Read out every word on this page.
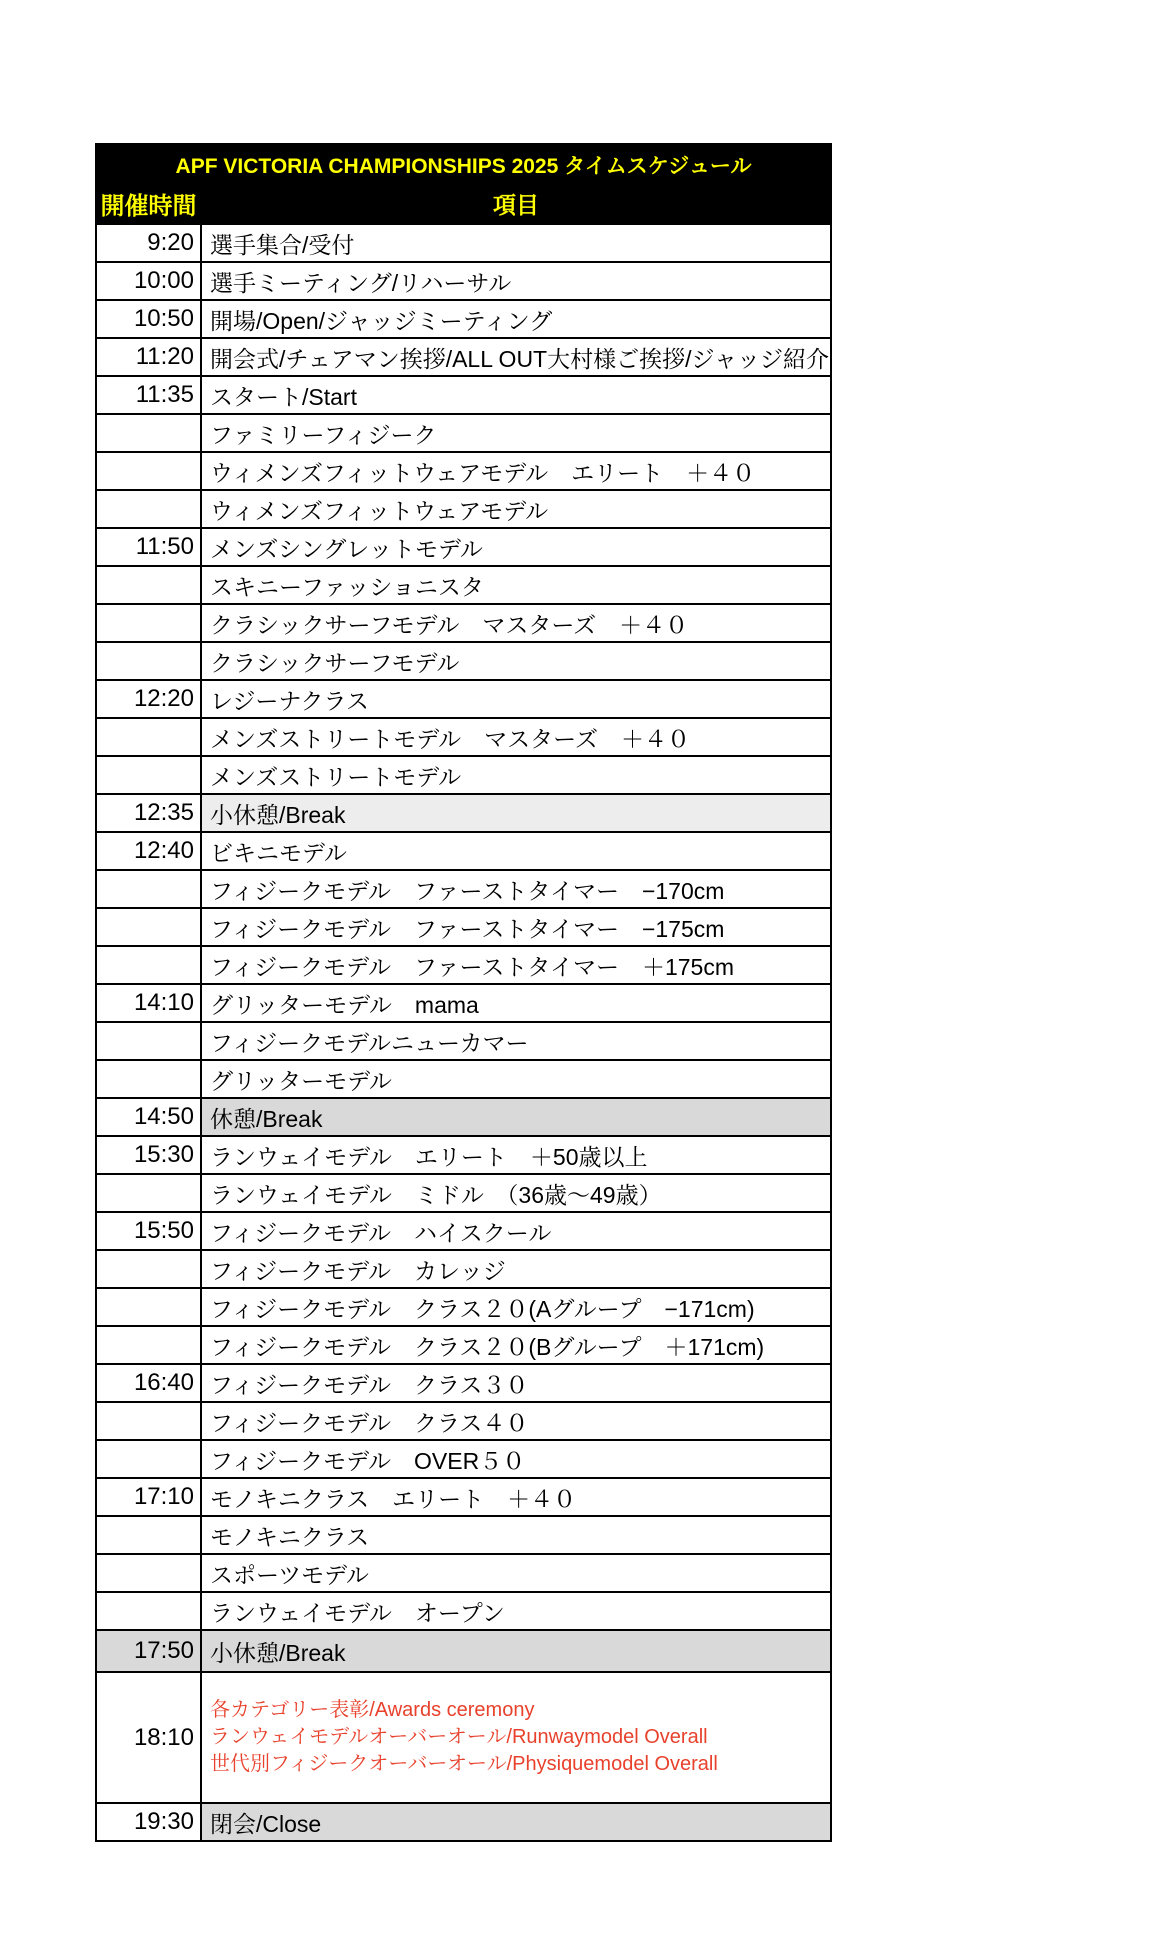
APF VICTORIA CHAMPIONSHIPS 2025 タイムスケジュール
開催時間	項目
9:20 選手集合/受付
10:00 選手ミーティング/リハーサル
10:50 開場/Open/ジャッジミーティング
11:20 開会式/チェアマン挨拶/ALL OUT大村様ご挨拶/ジャッジ紹介
11:35 スタート/Start
ファミリーフィジーク
ウィメンズフィットウェアモデル　エリート　＋４０
ウィメンズフィットウェアモデル
11:50 メンズシングレットモデル
スキニーファッショニスタ
クラシックサーフモデル　マスターズ　＋４０
クラシックサーフモデル
12:20 レジーナクラス
メンズストリートモデル　マスターズ　＋４０
メンズストリートモデル
12:35 小休憩/Break
12:40 ビキニモデル
フィジークモデル　ファーストタイマー　−170cm
フィジークモデル　ファーストタイマー　−175cm
フィジークモデル　ファーストタイマー　＋175cm
14:10 グリッターモデル　mama
フィジークモデルニューカマー
グリッターモデル
14:50 休憩/Break
15:30 ランウェイモデル　エリート　＋50歳以上
ランウェイモデル　ミドル　（36歳～49歳）
15:50 フィジークモデル　ハイスクール
フィジークモデル　カレッジ
フィジークモデル　クラス２０(Aグループ　−171cm)
フィジークモデル　クラス２０(Bグループ　＋171cm)
16:40 フィジークモデル　クラス３０
フィジークモデル　クラス４０
フィジークモデル　OVER５０
17:10 モノキニクラス　エリート　＋４０
モノキニクラス
スポーツモデル
ランウェイモデル　オープン
17:50 小休憩/Break
18:10
各カテゴリー表彰/Awards ceremony
ランウェイモデルオーバーオール/Runwaymodel Overall
世代別フィジークオーバーオール/Physiquemodel Overall
19:30 閉会/Close
